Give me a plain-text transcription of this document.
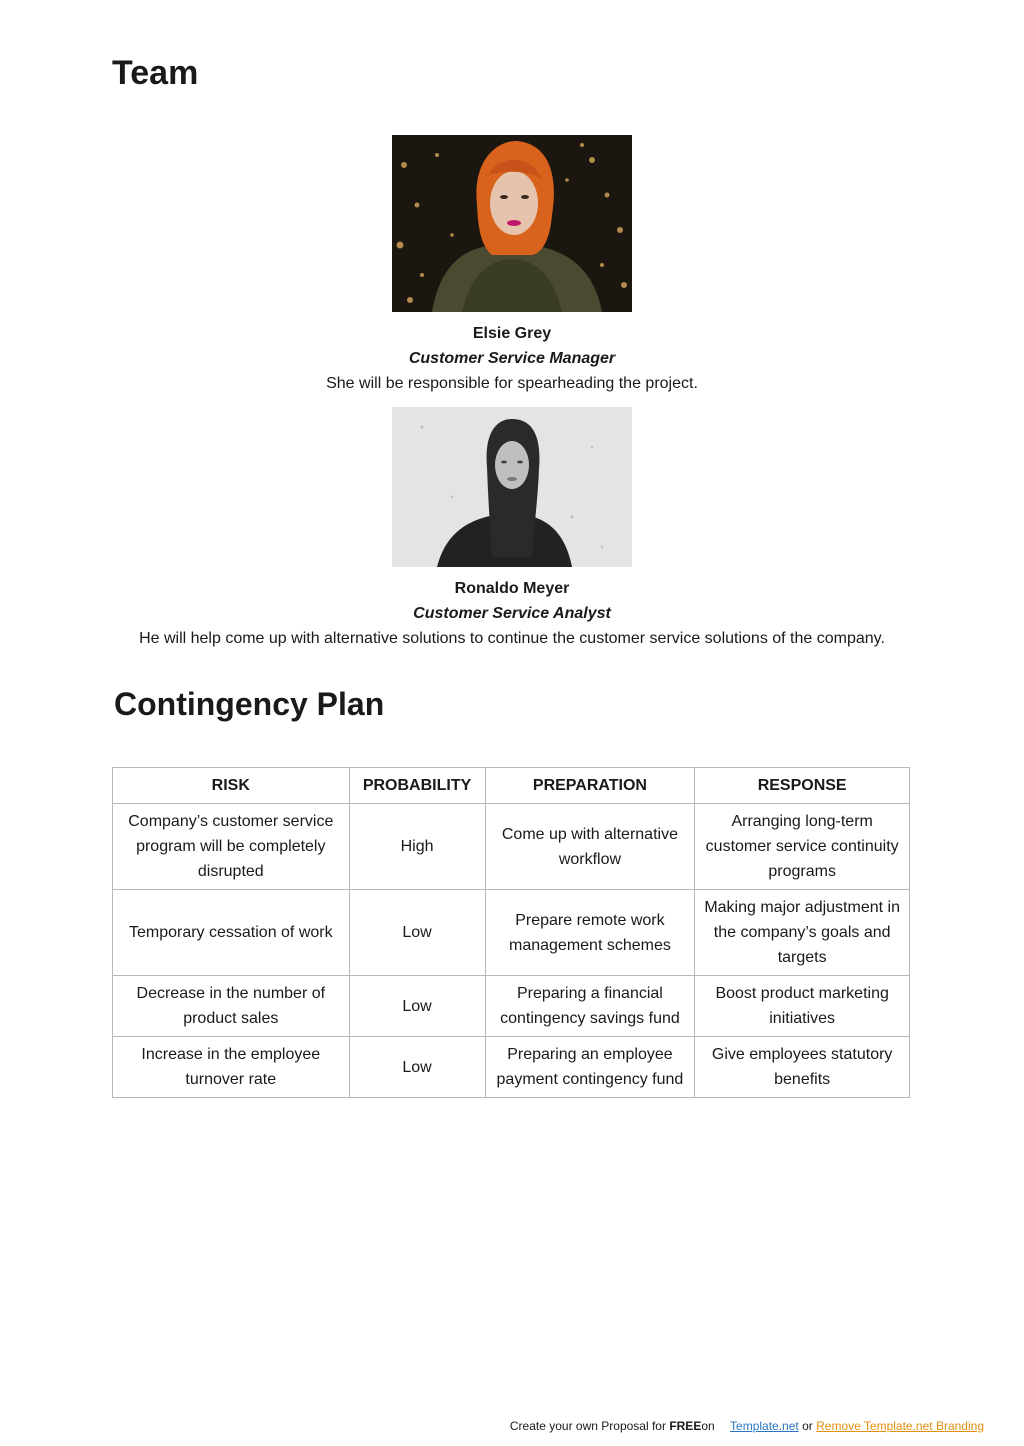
Team

Elsie Grey

Customer Service Manager

She will be responsible for spearheading the project.

Ronaldo Meyer

Customer Service Analyst

He will help come up with alternative solutions to continue the customer service solutions of the company.

Contingency Plan
RISK	PROBABILITY	PREPARATION	RESPONSE
Company’s customer service program will be completely disrupted	High	Come up with alternative workflow	Arranging long-term customer service continuity programs
Temporary cessation of work	Low	Prepare remote work management schemes	Making major adjustment in the company’s goals and targets
Decrease in the number of product sales	Low	Preparing a financial contingency savings fund	Boost product marketing initiatives
Increase in the employee turnover rate	Low	Preparing an employee payment contingency fund	Give employees statutory benefits
Create your own Proposal for FREEon Template.net or Remove Template.net Branding
